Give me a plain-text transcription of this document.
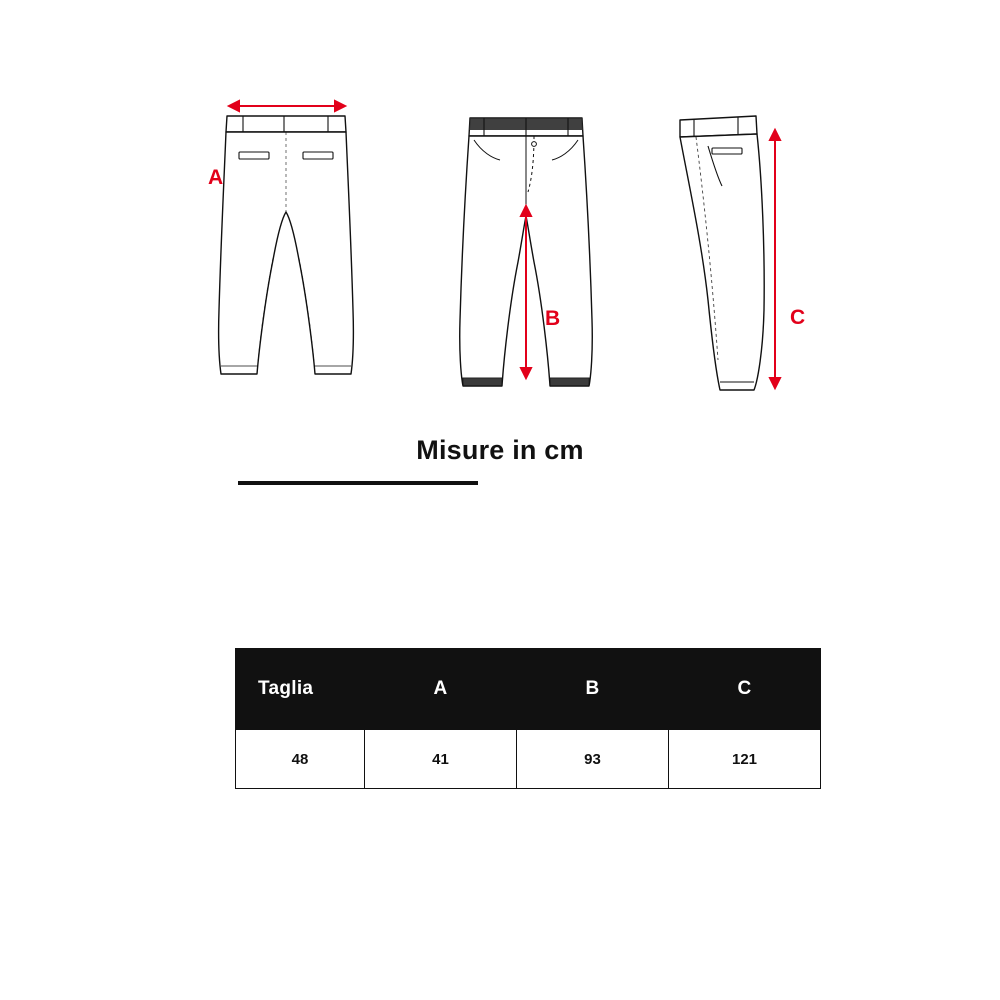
A
B	C
Misure in cm
Taglia	A	B	C
48	41	93	121
